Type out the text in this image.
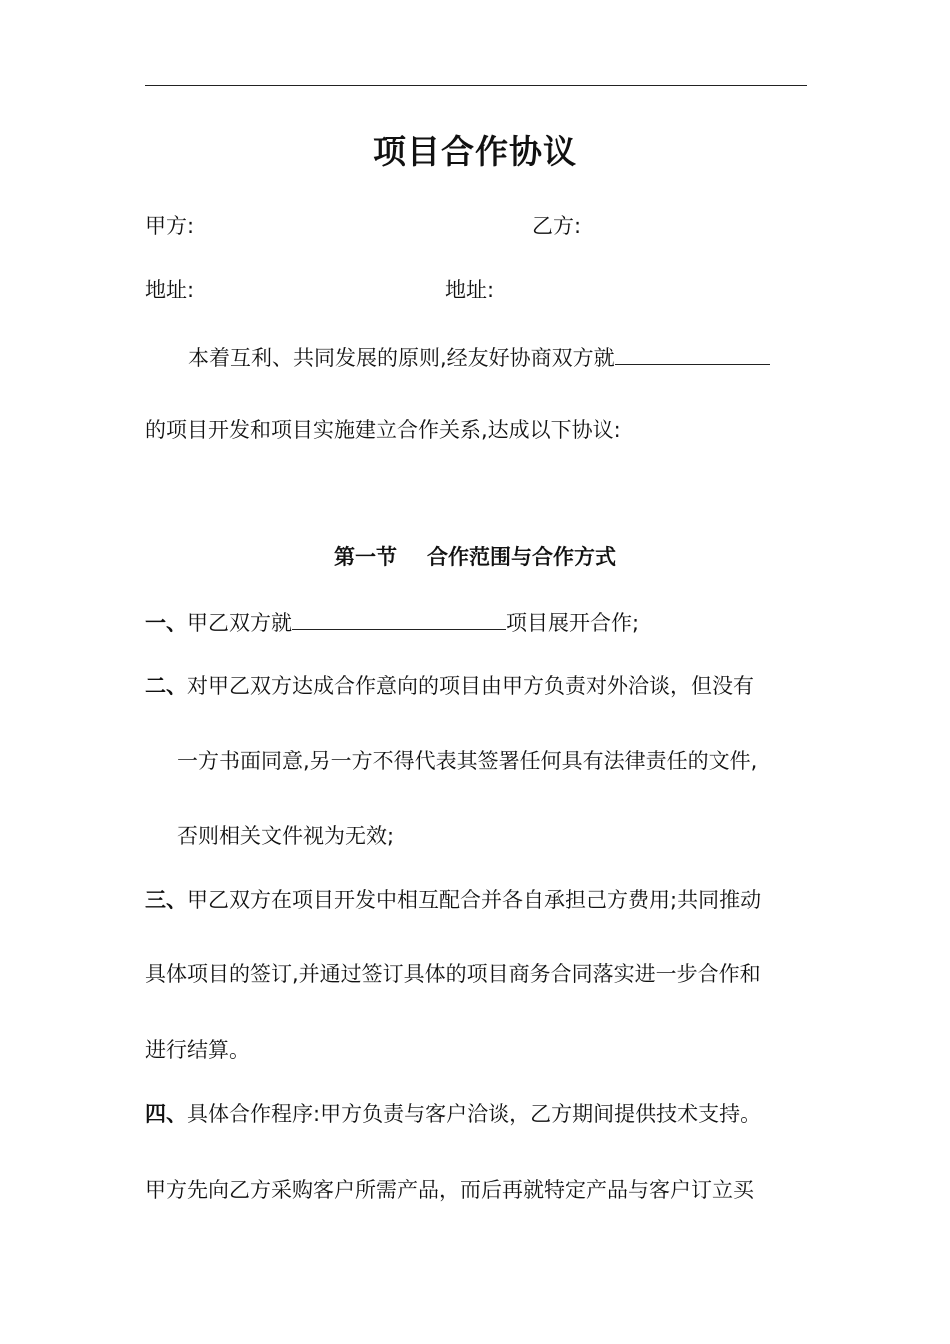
项目合作协议
甲方:	乙方:
地址:	地址:
本着互利、共同发展的原则,经友好协商双方就
的项目开发和项目实施建立合作关系,达成以下协议:
第一节 合作范围与合作方式
一、甲乙双方就	项目展开合作;
二、对甲乙双方达成合作意向的项目由甲方负责对外洽谈，但没有
一方书面同意,另一方不得代表其签署任何具有法律责任的文件,
否则相关文件视为无效;
三、甲乙双方在项目开发中相互配合并各自承担己方费用;共同推动
具体项目的签订,并通过签订具体的项目商务合同落实进一步合作和
进行结算。
四、具体合作程序:甲方负责与客户洽谈，乙方期间提供技术支持。
甲方先向乙方采购客户所需产品，而后再就特定产品与客户订立买
